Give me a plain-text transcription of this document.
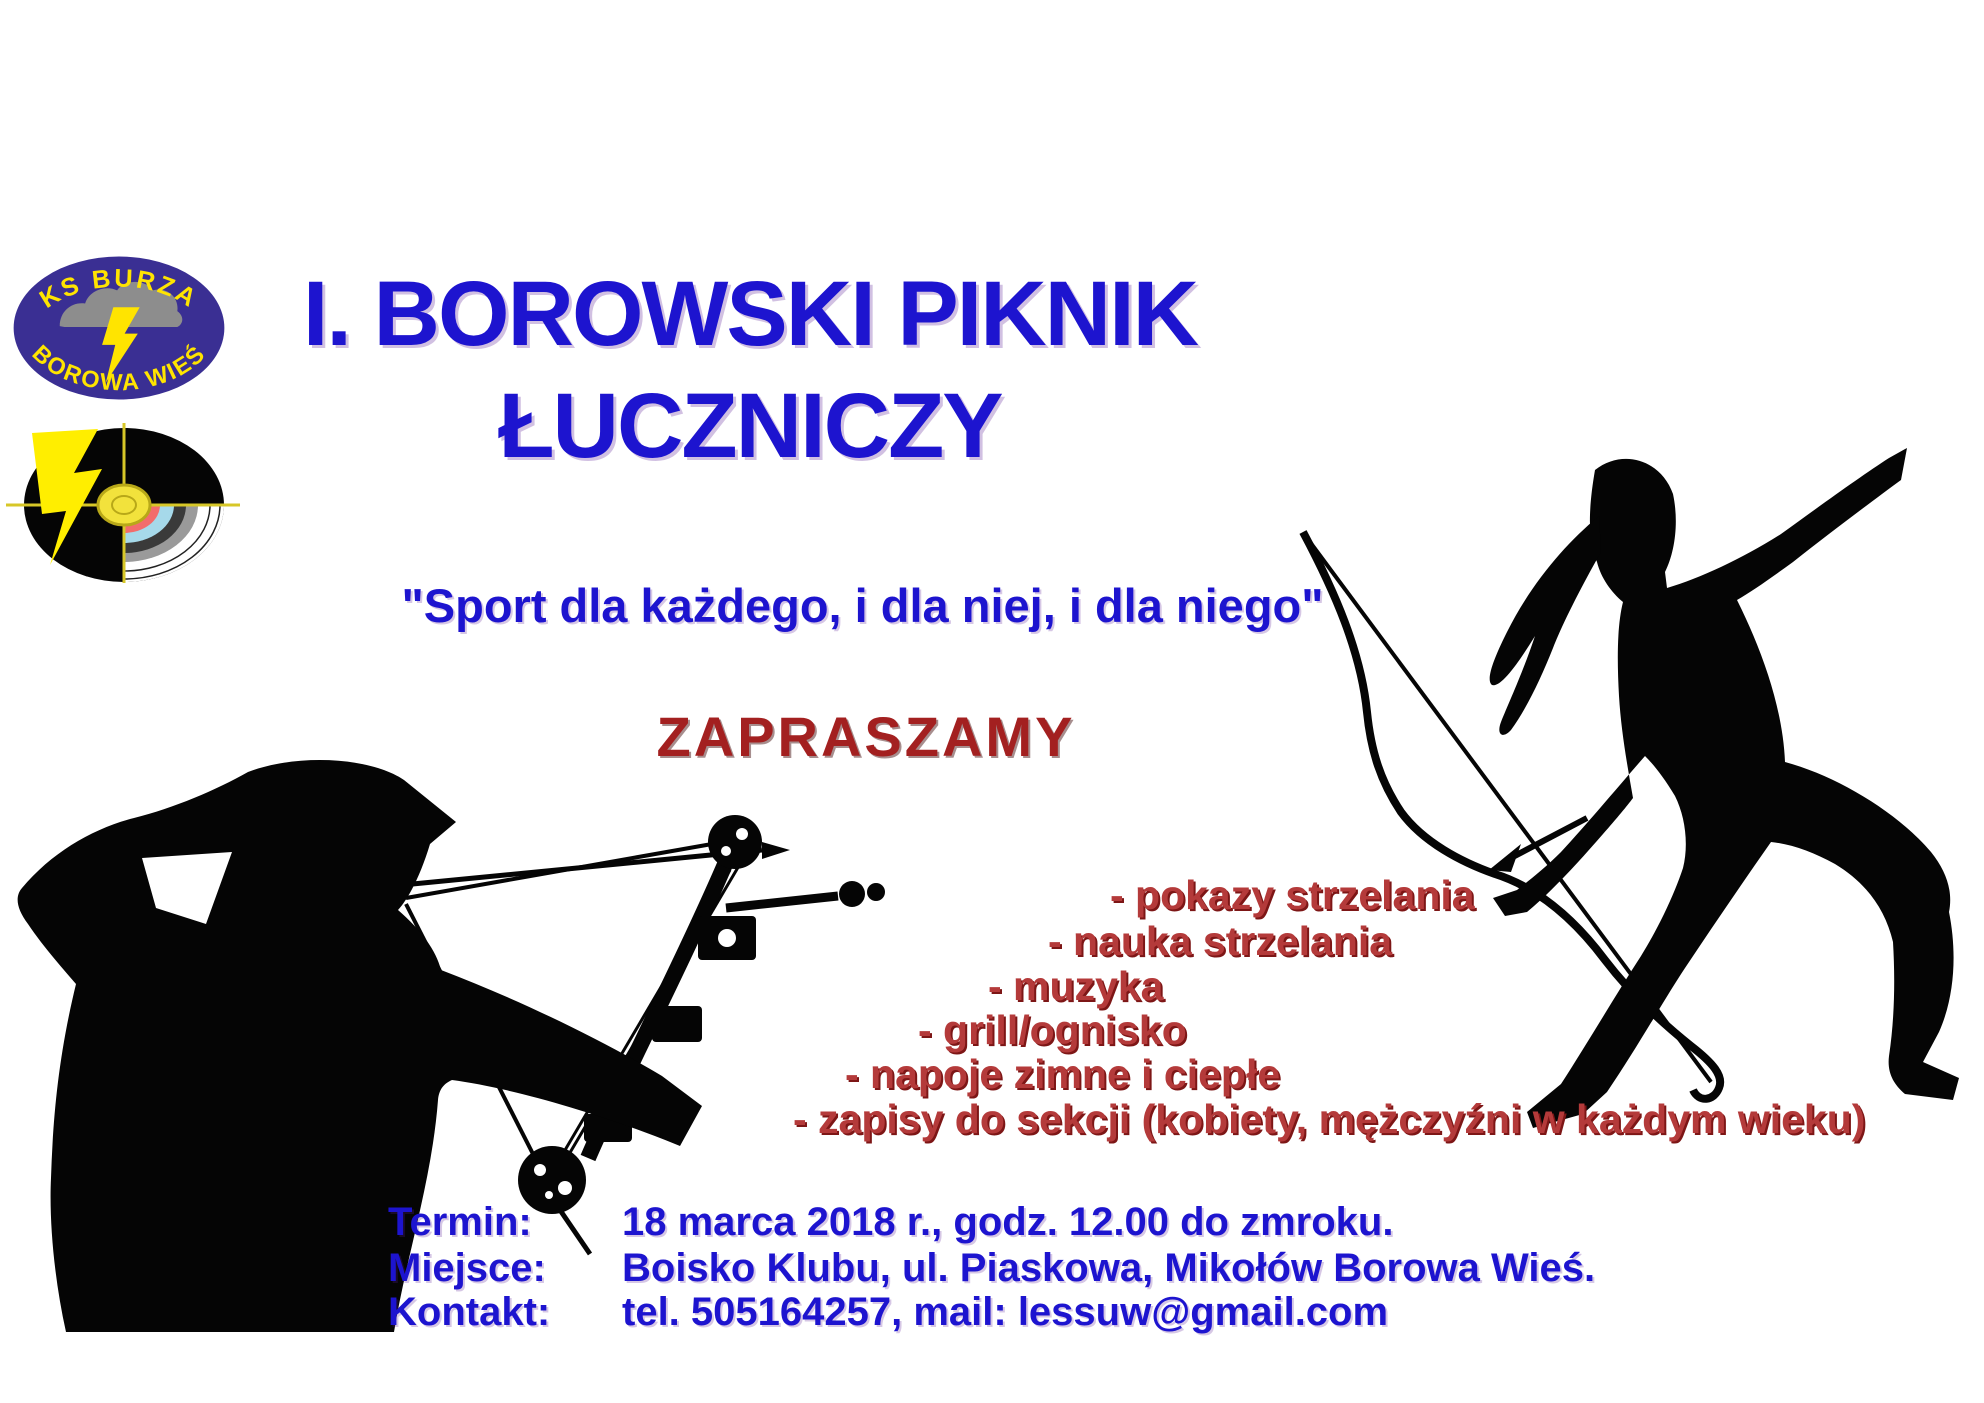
KS BURZA
BOROWA WIEŚ	I. BOROWSKI PIKNIK
ŁUCZNICZY
"Sport dla każdego, i dla niej, i dla niego"
ZAPRASZAMY
- pokazy strzelania
- nauka strzelania
- muzyka
- grill/ognisko
- napoje zimne i ciepłe
- zapisy do sekcji (kobiety, mężczyźni w każdym wieku)
Termin: 18 marca 2018 r., godz. 12.00 do zmroku.
Miejsce: Boisko Klubu, ul. Piaskowa, Mikołów Borowa Wieś.
Kontakt: tel. 505164257, mail: lessuw@gmail.com
